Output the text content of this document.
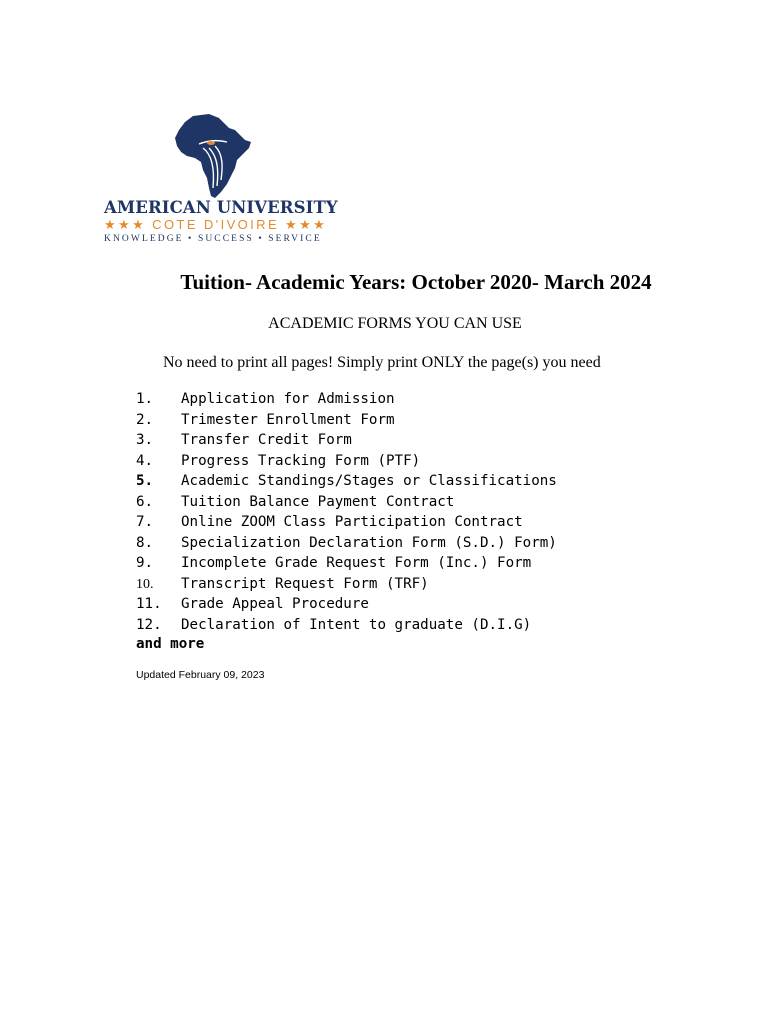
AMERICAN UNIVERSITY
★★★ COTE D'IVOIRE ★★★
KNOWLEDGE • SUCCESS • SERVICE
Tuition- Academic Years: October 2020- March 2024
ACADEMIC FORMS YOU CAN USE
No need to print all pages! Simply print ONLY the page(s) you need
1. Application for Admission
2. Trimester Enrollment Form
3. Transfer Credit Form
4. Progress Tracking Form (PTF)
5. Academic Standings/Stages or Classifications
6. Tuition Balance Payment Contract
7. Online ZOOM Class Participation Contract
8. Specialization Declaration Form (S.D.) Form)
9. Incomplete Grade Request Form (Inc.) Form
10. Transcript Request Form (TRF)
11. Grade Appeal Procedure
12. Declaration of Intent to graduate (D.I.G)
and more
Updated February 09, 2023
